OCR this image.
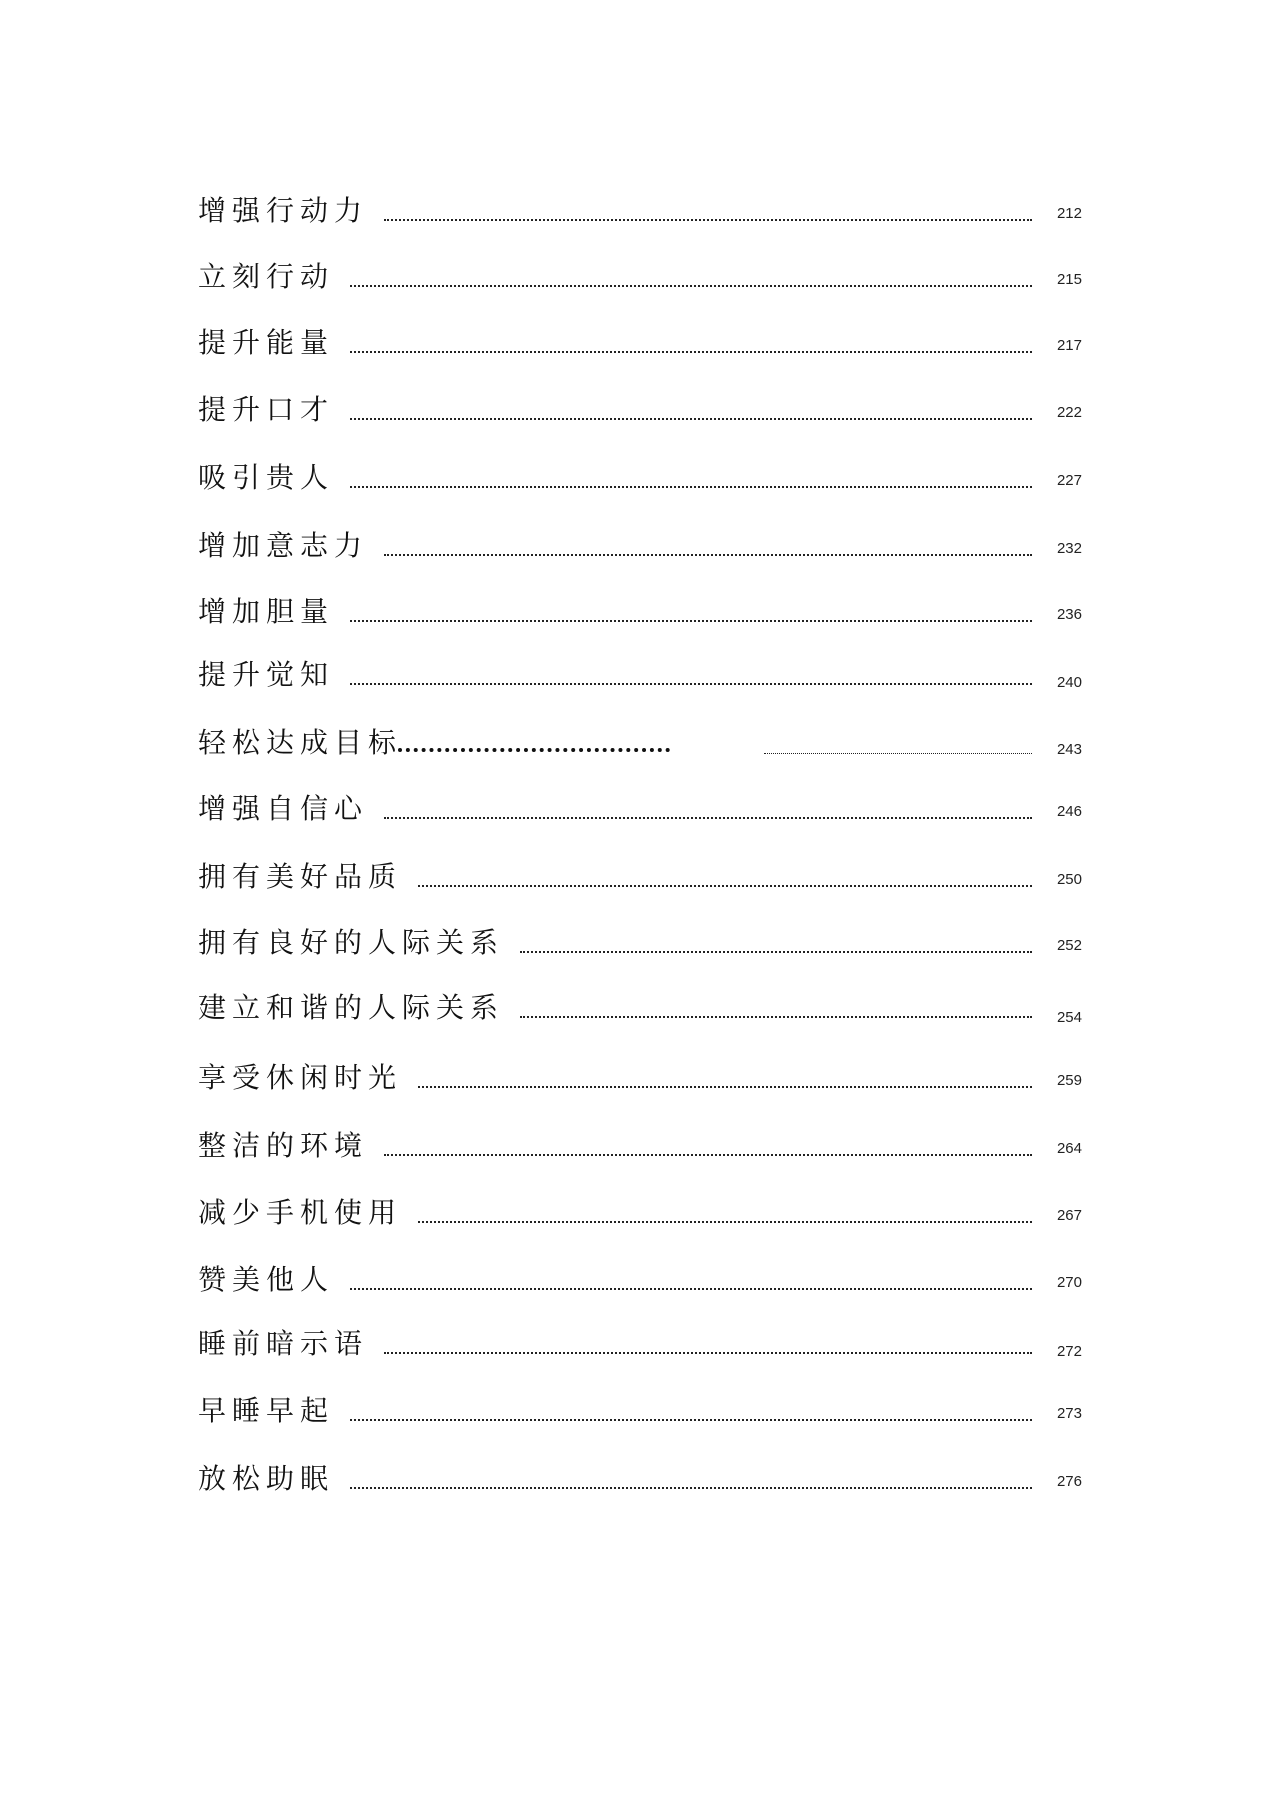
增强行动力	212
立刻行动	215
提升能量	217
提升口才	222
吸引贵人	227
增加意志力	232
增加胆量	236
提升觉知	240
轻松达成目标	243
增强自信心	246
拥有美好品质	250
拥有良好的人际关系	252
建立和谐的人际关系	254
享受休闲时光	259
整洁的环境	264
减少手机使用	267
赞美他人	270
睡前暗示语	272
早睡早起	273
放松助眠	276
